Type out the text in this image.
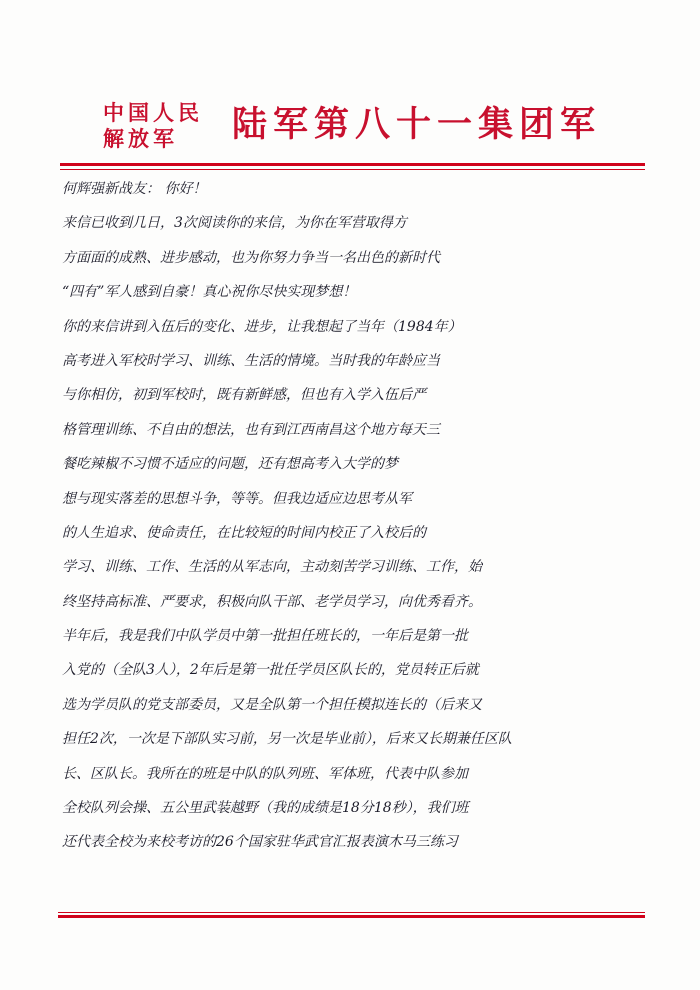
中国人民
解放军	陆军第八十一集团军
何辉强新战友： 你好！
来信已收到几日，3次阅读你的来信，为你在军营取得方
方面面的成熟、进步感动，也为你努力争当一名出色的新时代
“四有”军人感到自豪！真心祝你尽快实现梦想！
你的来信讲到入伍后的变化、进步，让我想起了当年（1984年）
高考进入军校时学习、训练、生活的情境。当时我的年龄应当
与你相仿，初到军校时，既有新鲜感，但也有入学入伍后严
格管理训练、不自由的想法，也有到江西南昌这个地方每天三
餐吃辣椒不习惯不适应的问题，还有想高考入大学的梦
想与现实落差的思想斗争，等等。但我边适应边思考从军
的人生追求、使命责任，在比较短的时间内校正了入校后的
学习、训练、工作、生活的从军志向，主动刻苦学习训练、工作，始
终坚持高标准、严要求，积极向队干部、老学员学习，向优秀看齐。
半年后，我是我们中队学员中第一批担任班长的，一年后是第一批
入党的（全队3人），2年后是第一批任学员区队长的，党员转正后就
选为学员队的党支部委员，又是全队第一个担任模拟连长的（后来又
担任2次，一次是下部队实习前，另一次是毕业前），后来又长期兼任区队
长、区队长。我所在的班是中队的队列班、军体班，代表中队参加
全校队列会操、五公里武装越野（我的成绩是18分18秒），我们班
还代表全校为来校考访的26个国家驻华武官汇报表演木马三练习
